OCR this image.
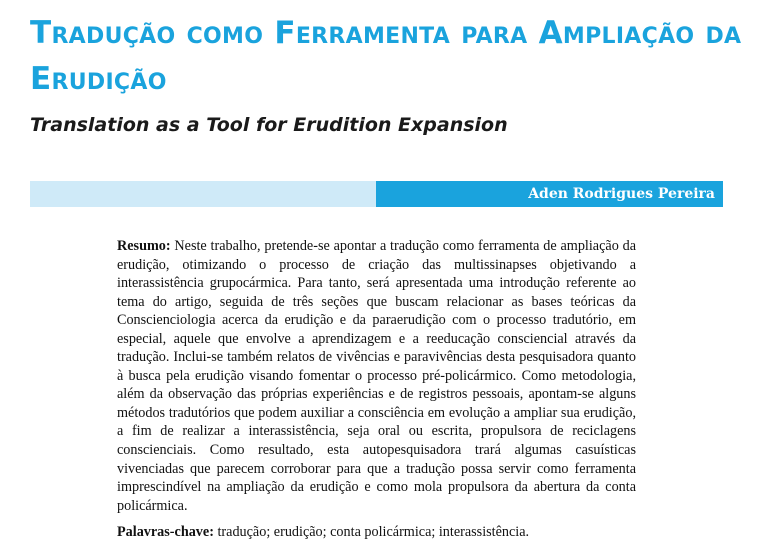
Tradução como Ferramenta para Ampliação da Erudição
Translation as a Tool for Erudition Expansion
Aden Rodrigues Pereira

Resumo: Neste trabalho, pretende-se apontar a tradução como ferramenta de ampliação da erudição, otimizando o processo de criação das multissinapses objetivando a interassistência grupocármica. Para tanto, será apresentada uma introdução referente ao tema do artigo, seguida de três seções que buscam relacionar as bases teóricas da Conscienciologia acerca da erudição e da paraerudição com o processo tradutório, em especial, aquele que envolve a aprendizagem e a reeducação consciencial através da tradução. Inclui-se também relatos de vivências e paravivências desta pesquisadora quanto à busca pela erudição visando fomentar o processo pré-policármico. Como metodologia, além da observação das próprias experiências e de registros pessoais, apontam-se alguns métodos tradutórios que podem auxiliar a consciência em evolução a ampliar sua erudição, a fim de realizar a interassistência, seja oral ou escrita, propulsora de reciclagens conscienciais. Como resultado, esta autopesquisadora trará algumas casuísticas vivenciadas que parecem corroborar para que a tradução possa servir como ferramenta imprescindível na ampliação da erudição e como mola propulsora da abertura da conta policármica.

Palavras-chave: tradução; erudição; conta policármica; interassistência.
